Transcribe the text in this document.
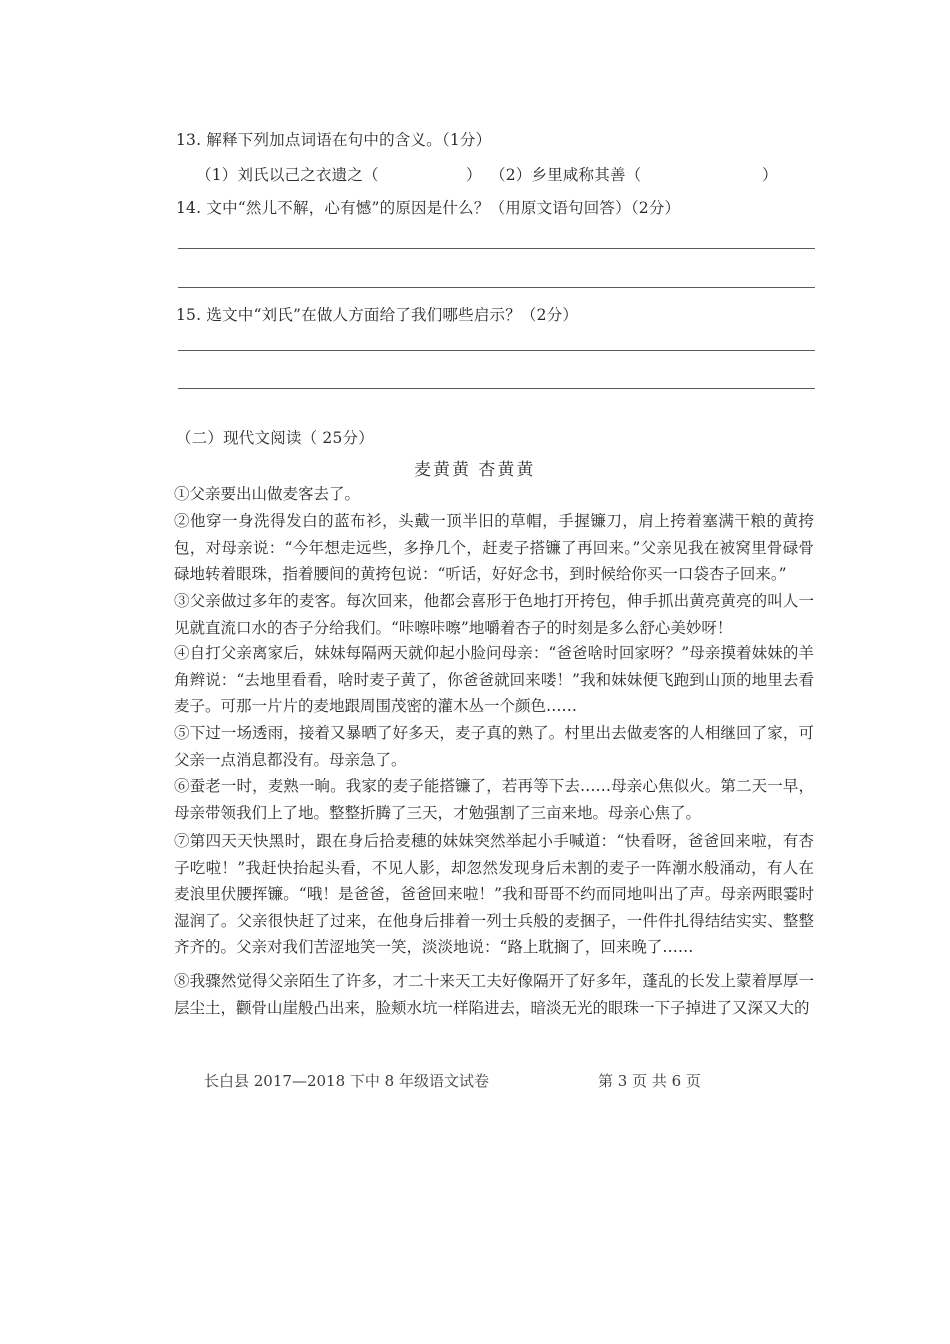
13. 解释下列加点词语在句中的含义。（1分）
（1）刘氏以己之衣遗之（	） （2）乡里咸称其善（	）
14. 文中“然儿不解，心有憾”的原因是什么？（用原文语句回答）（2分）
15. 选文中“刘氏”在做人方面给了我们哪些启示？（2分）
（二）现代文阅读（ 25分）
麦黄黄 杏黄黄
①父亲要出山做麦客去了。
②他穿一身洗得发白的蓝布衫，头戴一顶半旧的草帽，手握镰刀，肩上挎着塞满干粮的黄挎包，对母亲说：“今年想走远些，多挣几个，赶麦子搭镰了再回来。”父亲见我在被窝里骨碌骨碌地转着眼珠，指着腰间的黄挎包说：“听话，好好念书，到时候给你买一口袋杏子回来。”
③父亲做过多年的麦客。每次回来，他都会喜形于色地打开挎包，伸手抓出黄亮黄亮的叫人一见就直流口水的杏子分给我们。“咔嚓咔嚓”地嚼着杏子的时刻是多么舒心美妙呀！
④自打父亲离家后，妹妹每隔两天就仰起小脸问母亲：“爸爸啥时回家呀？”母亲摸着妹妹的羊角辫说：“去地里看看，啥时麦子黄了，你爸爸就回来喽！”我和妹妹便飞跑到山顶的地里去看麦子。可那一片片的麦地跟周围茂密的灌木丛一个颜色……
⑤下过一场透雨，接着又暴晒了好多天，麦子真的熟了。村里出去做麦客的人相继回了家，可父亲一点消息都没有。母亲急了。
⑥蚕老一时，麦熟一晌。我家的麦子能搭镰了，若再等下去……母亲心焦似火。第二天一早，母亲带领我们上了地。整整折腾了三天，才勉强割了三亩来地。母亲心焦了。
⑦第四天天快黑时，跟在身后拾麦穗的妹妹突然举起小手喊道：“快看呀，爸爸回来啦，有杏子吃啦！”我赶快抬起头看，不见人影，却忽然发现身后未割的麦子一阵潮水般涌动，有人在麦浪里伏腰挥镰。“哦！是爸爸，爸爸回来啦！”我和哥哥不约而同地叫出了声。母亲两眼霎时湿润了。父亲很快赶了过来，在他身后排着一列士兵般的麦捆子，一件件扎得结结实实、整整齐齐的。父亲对我们苦涩地笑一笑，淡淡地说：“路上耽搁了，回来晚了……
⑧我骤然觉得父亲陌生了许多，才二十来天工夫好像隔开了好多年，蓬乱的长发上蒙着厚厚一层尘土，颧骨山崖般凸出来，脸颊水坑一样陷进去，暗淡无光的眼珠一下子掉进了又深又大的
长白县 2017—2018 下中 8 年级语文试卷	第 3 页 共 6 页
